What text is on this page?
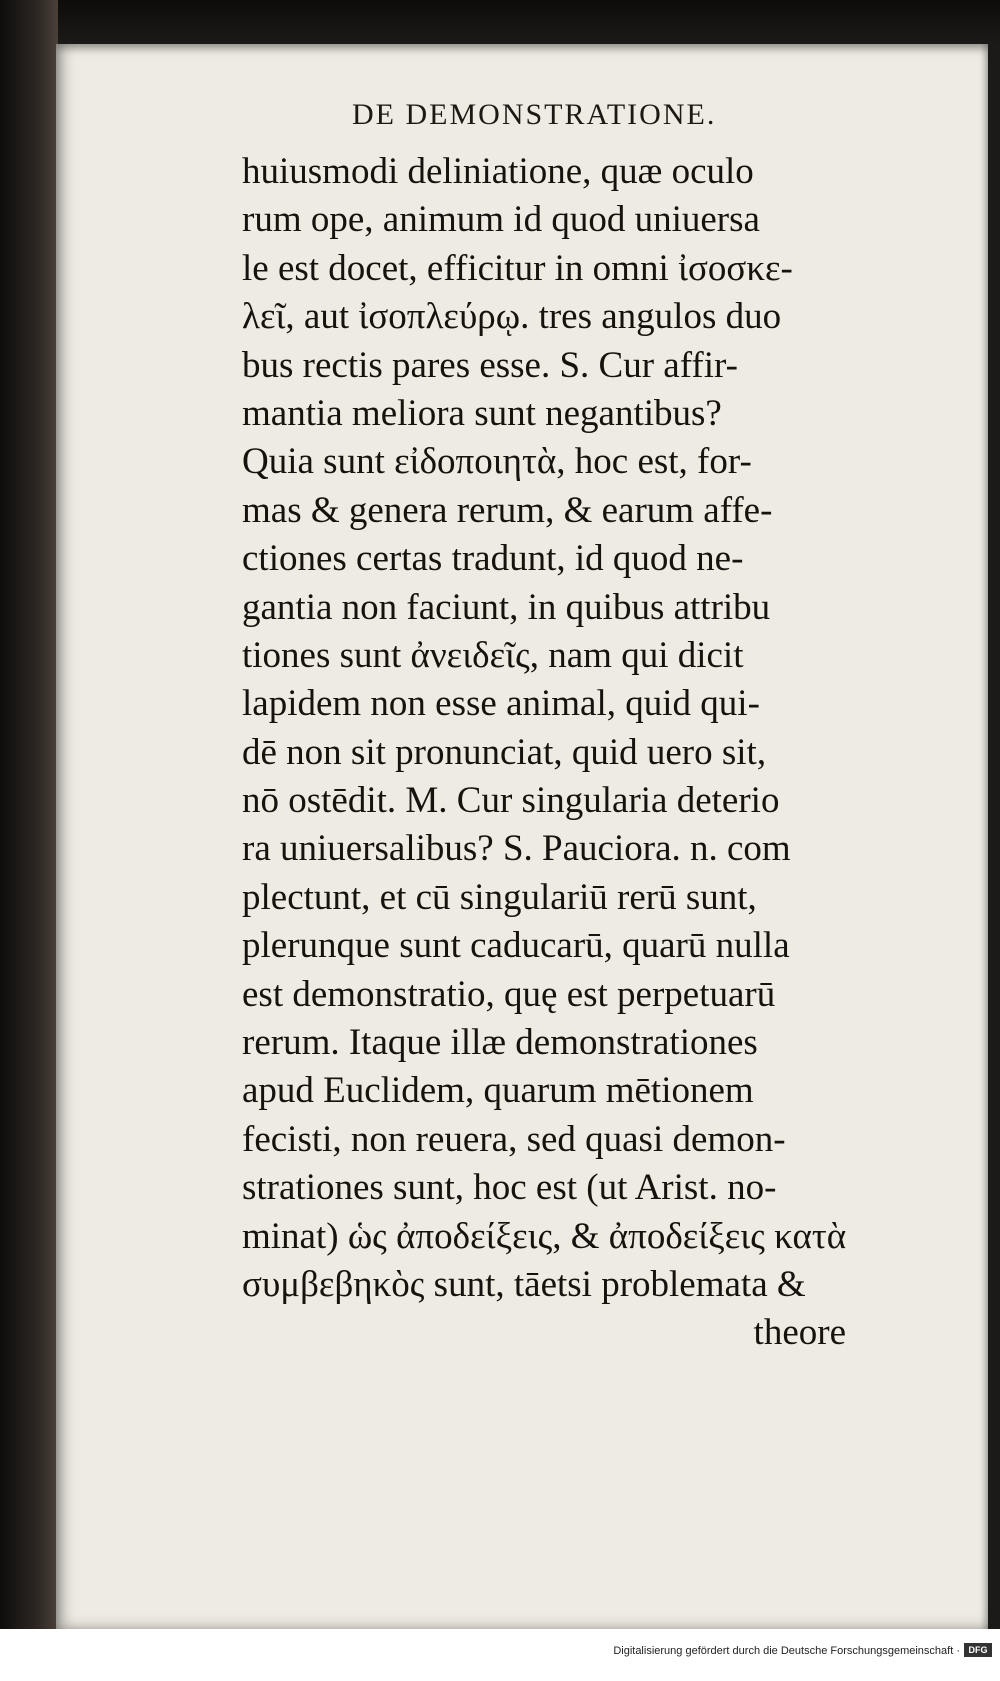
DE DEMONSTRATIONE.
huiusmodi deliniatione, quæ oculo
rum ope, animum id quod uniuersa
le est docet, efficitur in omni ἰσοσκε-
λεῖ, aut ἰσοπλεύρῳ. tres angulos duo
bus rectis pares esse. S. Cur affir-
mantia meliora sunt negantibus?
Quia sunt εἰδοποιητὰ, hoc est, for-
mas & genera rerum, & earum affe-
ctiones certas tradunt, id quod ne-
gantia non faciunt, in quibus attribu
tiones sunt ἀνειδεῖς, nam qui dicit
lapidem non esse animal, quid qui-
dē non sit pronunciat, quid uero sit,
nō ostēdit. M. Cur singularia deterio
ra uniuersalibus? S. Pauciora. n. com
plectunt, et cū singulariū rerū sunt,
plerunque sunt caducarū, quarū nulla
est demonstratio, quę est perpetuarū
rerum. Itaque illæ demonstrationes
apud Euclidem, quarum mētionem
fecisti, non reuera, sed quasi demon-
strationes sunt, hoc est (ut Arist. no-
minat) ὡς ἀποδείξεις, & ἀποδείξεις κατὰ
συμβεβηκὸς sunt, tāetsi problemata &
theore
Digitalisierung gefördert durch die Deutsche Forschungsgemeinschaft · DFG
